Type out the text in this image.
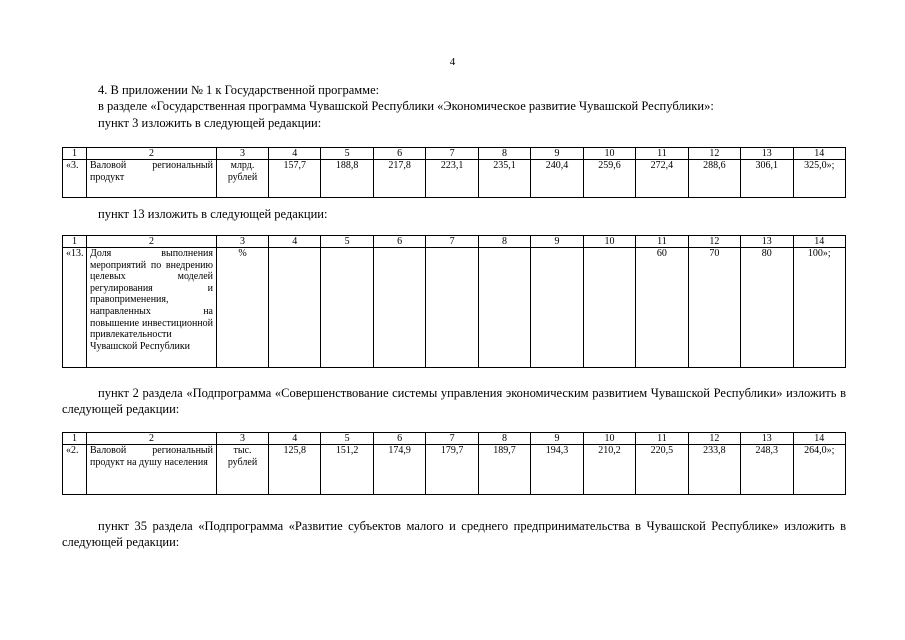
4
4. В приложении № 1 к Государственной программе:
в разделе «Государственная программа Чувашской Республики «Экономическое развитие Чувашской Республики»:
пункт 3 изложить в следующей редакции:
1	2	3	4	5	6	7	8	9	10	11	12	13	14
«3.	Валовой региональный продукт	млрд. рублей	157,7	188,8	217,8	223,1	235,1	240,4	259,6	272,4	288,6	306,1	325,0»;
пункт 13 изложить в следующей редакции:
1	2	3	4	5	6	7	8	9	10	11	12	13	14
«13.	Доля выполнения мероприятий по внедрению целевых моделей регулирования и правоприменения, направленных на повышение инвестиционной привлекательности Чувашской Республики	%								60	70	80	100»;
пункт 2 раздела «Подпрограмма «Совершенствование системы управления экономическим развитием Чувашской Республики» изложить в следующей редакции:
1	2	3	4	5	6	7	8	9	10	11	12	13	14
«2.	Валовой региональный продукт на душу населения	тыс. рублей	125,8	151,2	174,9	179,7	189,7	194,3	210,2	220,5	233,8	248,3	264,0»;
пункт 35 раздела «Подпрограмма «Развитие субъектов малого и среднего предпринимательства в Чувашской Республике» изложить в следующей редакции:
